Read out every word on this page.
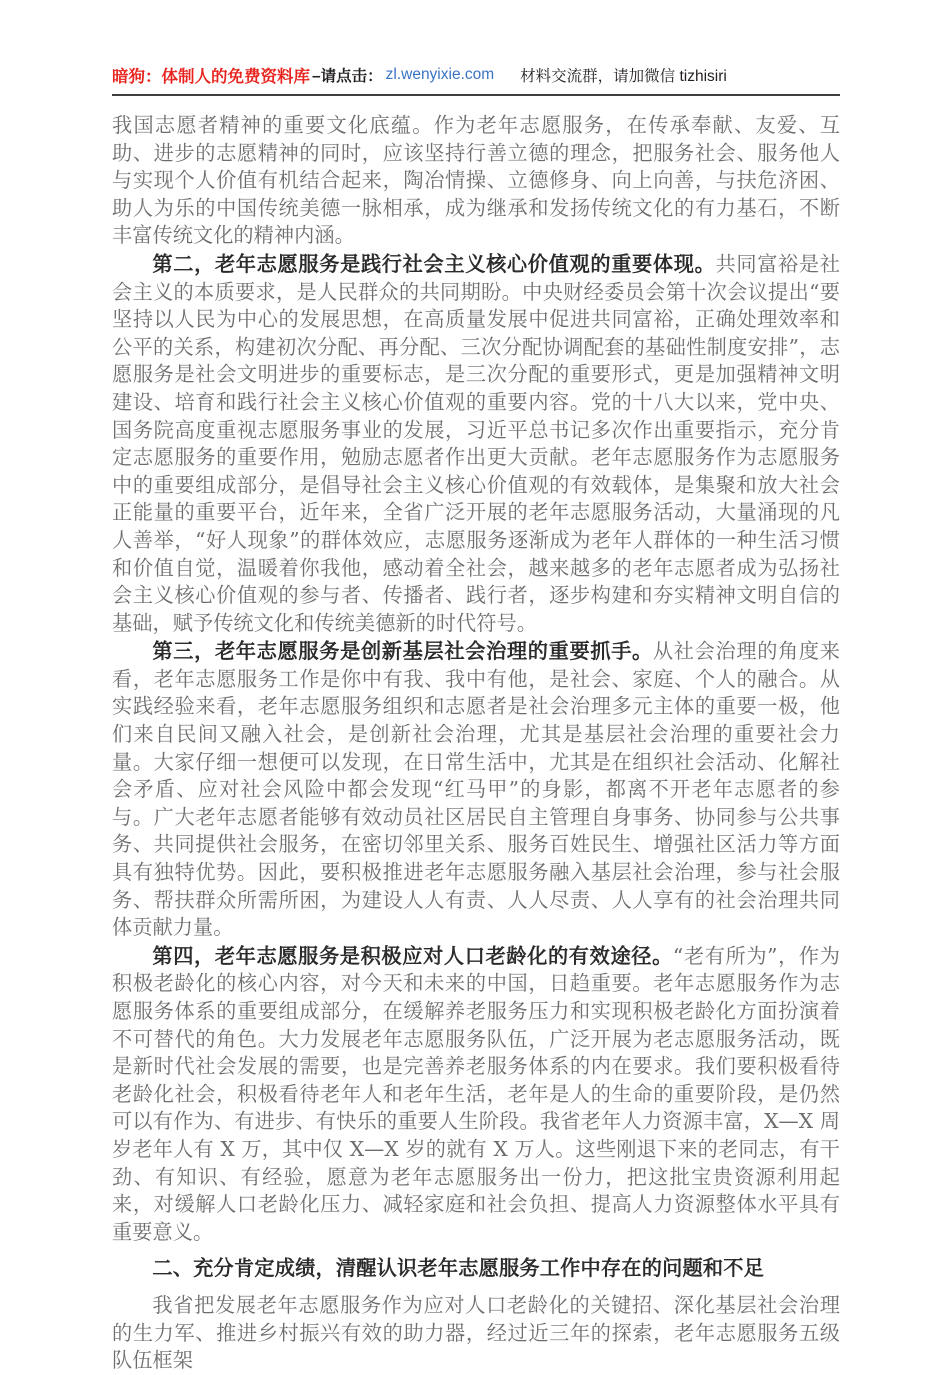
暗狗：体制人的免费资料库 –请点击： zl.wenyixie.com 材料交流群，请加微信 tizhisiri

我国志愿者精神的重要文化底蕴。作为老年志愿服务，在传承奉献、友爱、互助、进步的志愿精神的同时，应该坚持行善立德的理念，把服务社会、服务他人与实现个人价值有机结合起来，陶冶情操、立德修身、向上向善，与扶危济困、助人为乐的中国传统美德一脉相承，成为继承和发扬传统文化的有力基石，不断丰富传统文化的精神内涵。

第二，老年志愿服务是践行社会主义核心价值观的重要体现。共同富裕是社会主义的本质要求，是人民群众的共同期盼。中央财经委员会第十次会议提出“要坚持以人民为中心的发展思想，在高质量发展中促进共同富裕，正确处理效率和公平的关系，构建初次分配、再分配、三次分配协调配套的基础性制度安排”，志愿服务是社会文明进步的重要标志，是三次分配的重要形式，更是加强精神文明建设、培育和践行社会主义核心价值观的重要内容。党的十八大以来，党中央、国务院高度重视志愿服务事业的发展，习近平总书记多次作出重要指示，充分肯定志愿服务的重要作用，勉励志愿者作出更大贡献。老年志愿服务作为志愿服务中的重要组成部分，是倡导社会主义核心价值观的有效载体，是集聚和放大社会正能量的重要平台，近年来，全省广泛开展的老年志愿服务活动，大量涌现的凡人善举，“好人现象”的群体效应，志愿服务逐渐成为老年人群体的一种生活习惯和价值自觉，温暖着你我他，感动着全社会，越来越多的老年志愿者成为弘扬社会主义核心价值观的参与者、传播者、践行者，逐步构建和夯实精神文明自信的基础，赋予传统文化和传统美德新的时代符号。

第三，老年志愿服务是创新基层社会治理的重要抓手。从社会治理的角度来看，老年志愿服务工作是你中有我、我中有他，是社会、家庭、个人的融合。从实践经验来看，老年志愿服务组织和志愿者是社会治理多元主体的重要一极，他们来自民间又融入社会，是创新社会治理，尤其是基层社会治理的重要社会力量。大家仔细一想便可以发现，在日常生活中，尤其是在组织社会活动、化解社会矛盾、应对社会风险中都会发现“红马甲”的身影，都离不开老年志愿者的参与。广大老年志愿者能够有效动员社区居民自主管理自身事务、协同参与公共事务、共同提供社会服务，在密切邻里关系、服务百姓民生、增强社区活力等方面具有独特优势。因此，要积极推进老年志愿服务融入基层社会治理，参与社会服务、帮扶群众所需所困，为建设人人有责、人人尽责、人人享有的社会治理共同体贡献力量。

第四，老年志愿服务是积极应对人口老龄化的有效途径。“老有所为”，作为积极老龄化的核心内容，对今天和未来的中国，日趋重要。老年志愿服务作为志愿服务体系的重要组成部分，在缓解养老服务压力和实现积极老龄化方面扮演着不可替代的角色。大力发展老年志愿服务队伍，广泛开展为老志愿服务活动，既是新时代社会发展的需要，也是完善养老服务体系的内在要求。我们要积极看待老龄化社会，积极看待老年人和老年生活，老年是人的生命的重要阶段，是仍然可以有作为、有进步、有快乐的重要人生阶段。我省老年人力资源丰富，X—X 周岁老年人有 X 万，其中仅 X—X 岁的就有 X 万人。这些刚退下来的老同志，有干劲、有知识、有经验，愿意为老年志愿服务出一份力，把这批宝贵资源利用起来，对缓解人口老龄化压力、减轻家庭和社会负担、提高人力资源整体水平具有重要意义。

二、充分肯定成绩，清醒认识老年志愿服务工作中存在的问题和不足

我省把发展老年志愿服务作为应对人口老龄化的关键招、深化基层社会治理的生力军、推进乡村振兴有效的助力器，经过近三年的探索，老年志愿服务五级队伍框架
